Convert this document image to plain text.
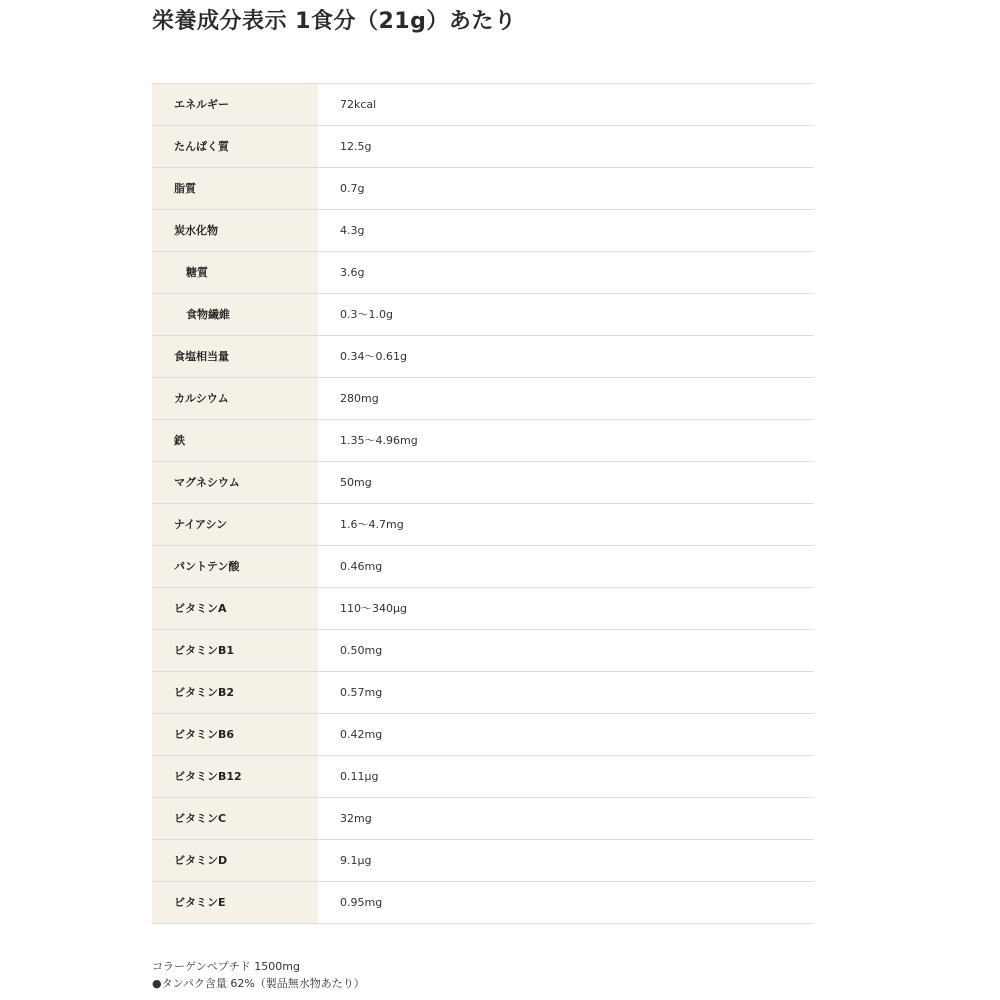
栄養成分表示 1食分（21g）あたり
エネルギー	72kcal
たんぱく質	12.5g
脂質	0.7g
炭水化物	4.3g
糖質	3.6g
食物繊維	0.3～1.0g
食塩相当量	0.34～0.61g
カルシウム	280mg
鉄	1.35～4.96mg
マグネシウム	50mg
ナイアシン	1.6～4.7mg
パントテン酸	0.46mg
ビタミンA	110～340μg
ビタミンB1	0.50mg
ビタミンB2	0.57mg
ビタミンB6	0.42mg
ビタミンB12	0.11μg
ビタミンC	32mg
ビタミンD	9.1μg
ビタミンE	0.95mg
コラーゲンペプチド 1500mg
●タンパク含量 62%（製品無水物あたり）
